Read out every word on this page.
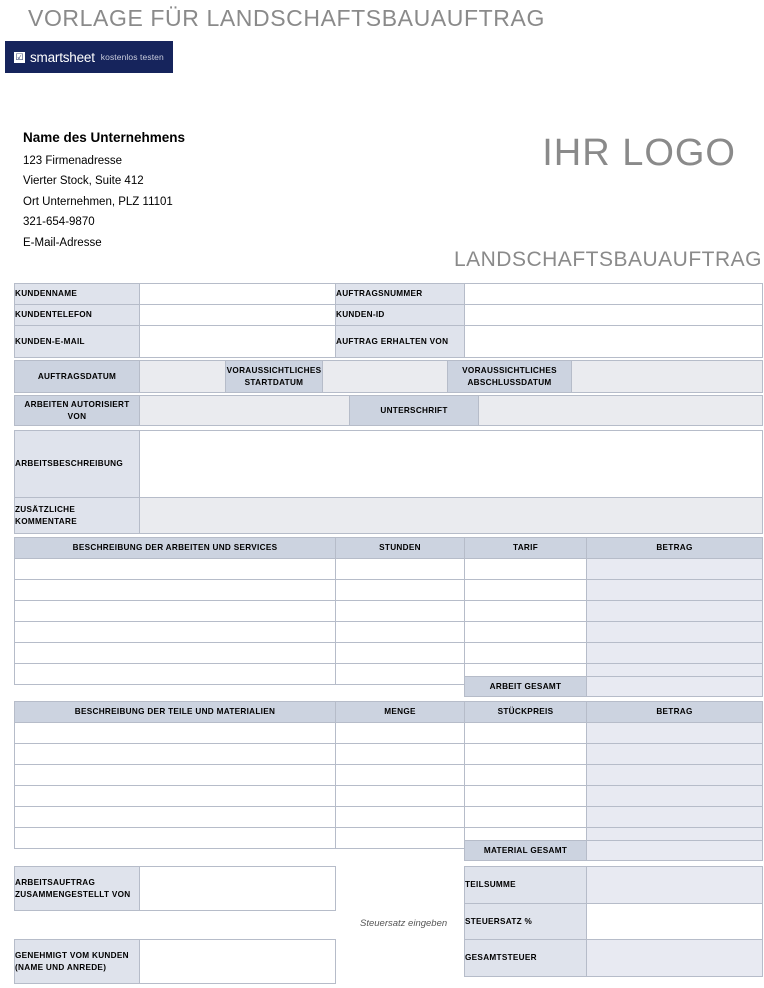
VORLAGE FÜR LANDSCHAFTSBAUAUFTRAG
☑ smartsheet kostenlos testen
Name des Unternehmens
123 Firmenadresse
Vierter Stock, Suite 412
Ort Unternehmen, PLZ 11101
321-654-9870
E-Mail-Adresse
IHR LOGO
LANDSCHAFTSBAUAUFTRAG
KUNDENNAME		AUFTRAGSNUMMER	
KUNDENTELEFON		KUNDEN-ID	
KUNDEN-E-MAIL		AUFTRAG ERHALTEN VON	
AUFTRAGSDATUM		VORAUSSICHTLICHES STARTDATUM		VORAUSSICHTLICHES ABSCHLUSSDATUM	
ARBEITEN AUTORISIERT VON		UNTERSCHRIFT	
ARBEITSBESCHREIBUNG	
ZUSÄTZLICHE KOMMENTARE	
BESCHREIBUNG DER ARBEITEN UND SERVICES	STUNDEN	TARIF	BETRAG

ARBEIT GESAMT	
BESCHREIBUNG DER TEILE UND MATERIALIEN	MENGE	STÜCKPREIS	BETRAG

MATERIAL GESAMT	
ARBEITSAUFTRAG ZUSAMMENGESTELLT VON	
GENEHMIGT VOM KUNDEN (NAME UND ANREDE)	
Steuersatz eingeben
TEILSUMME	
STEUERSATZ %	
GESAMTSTEUER	
